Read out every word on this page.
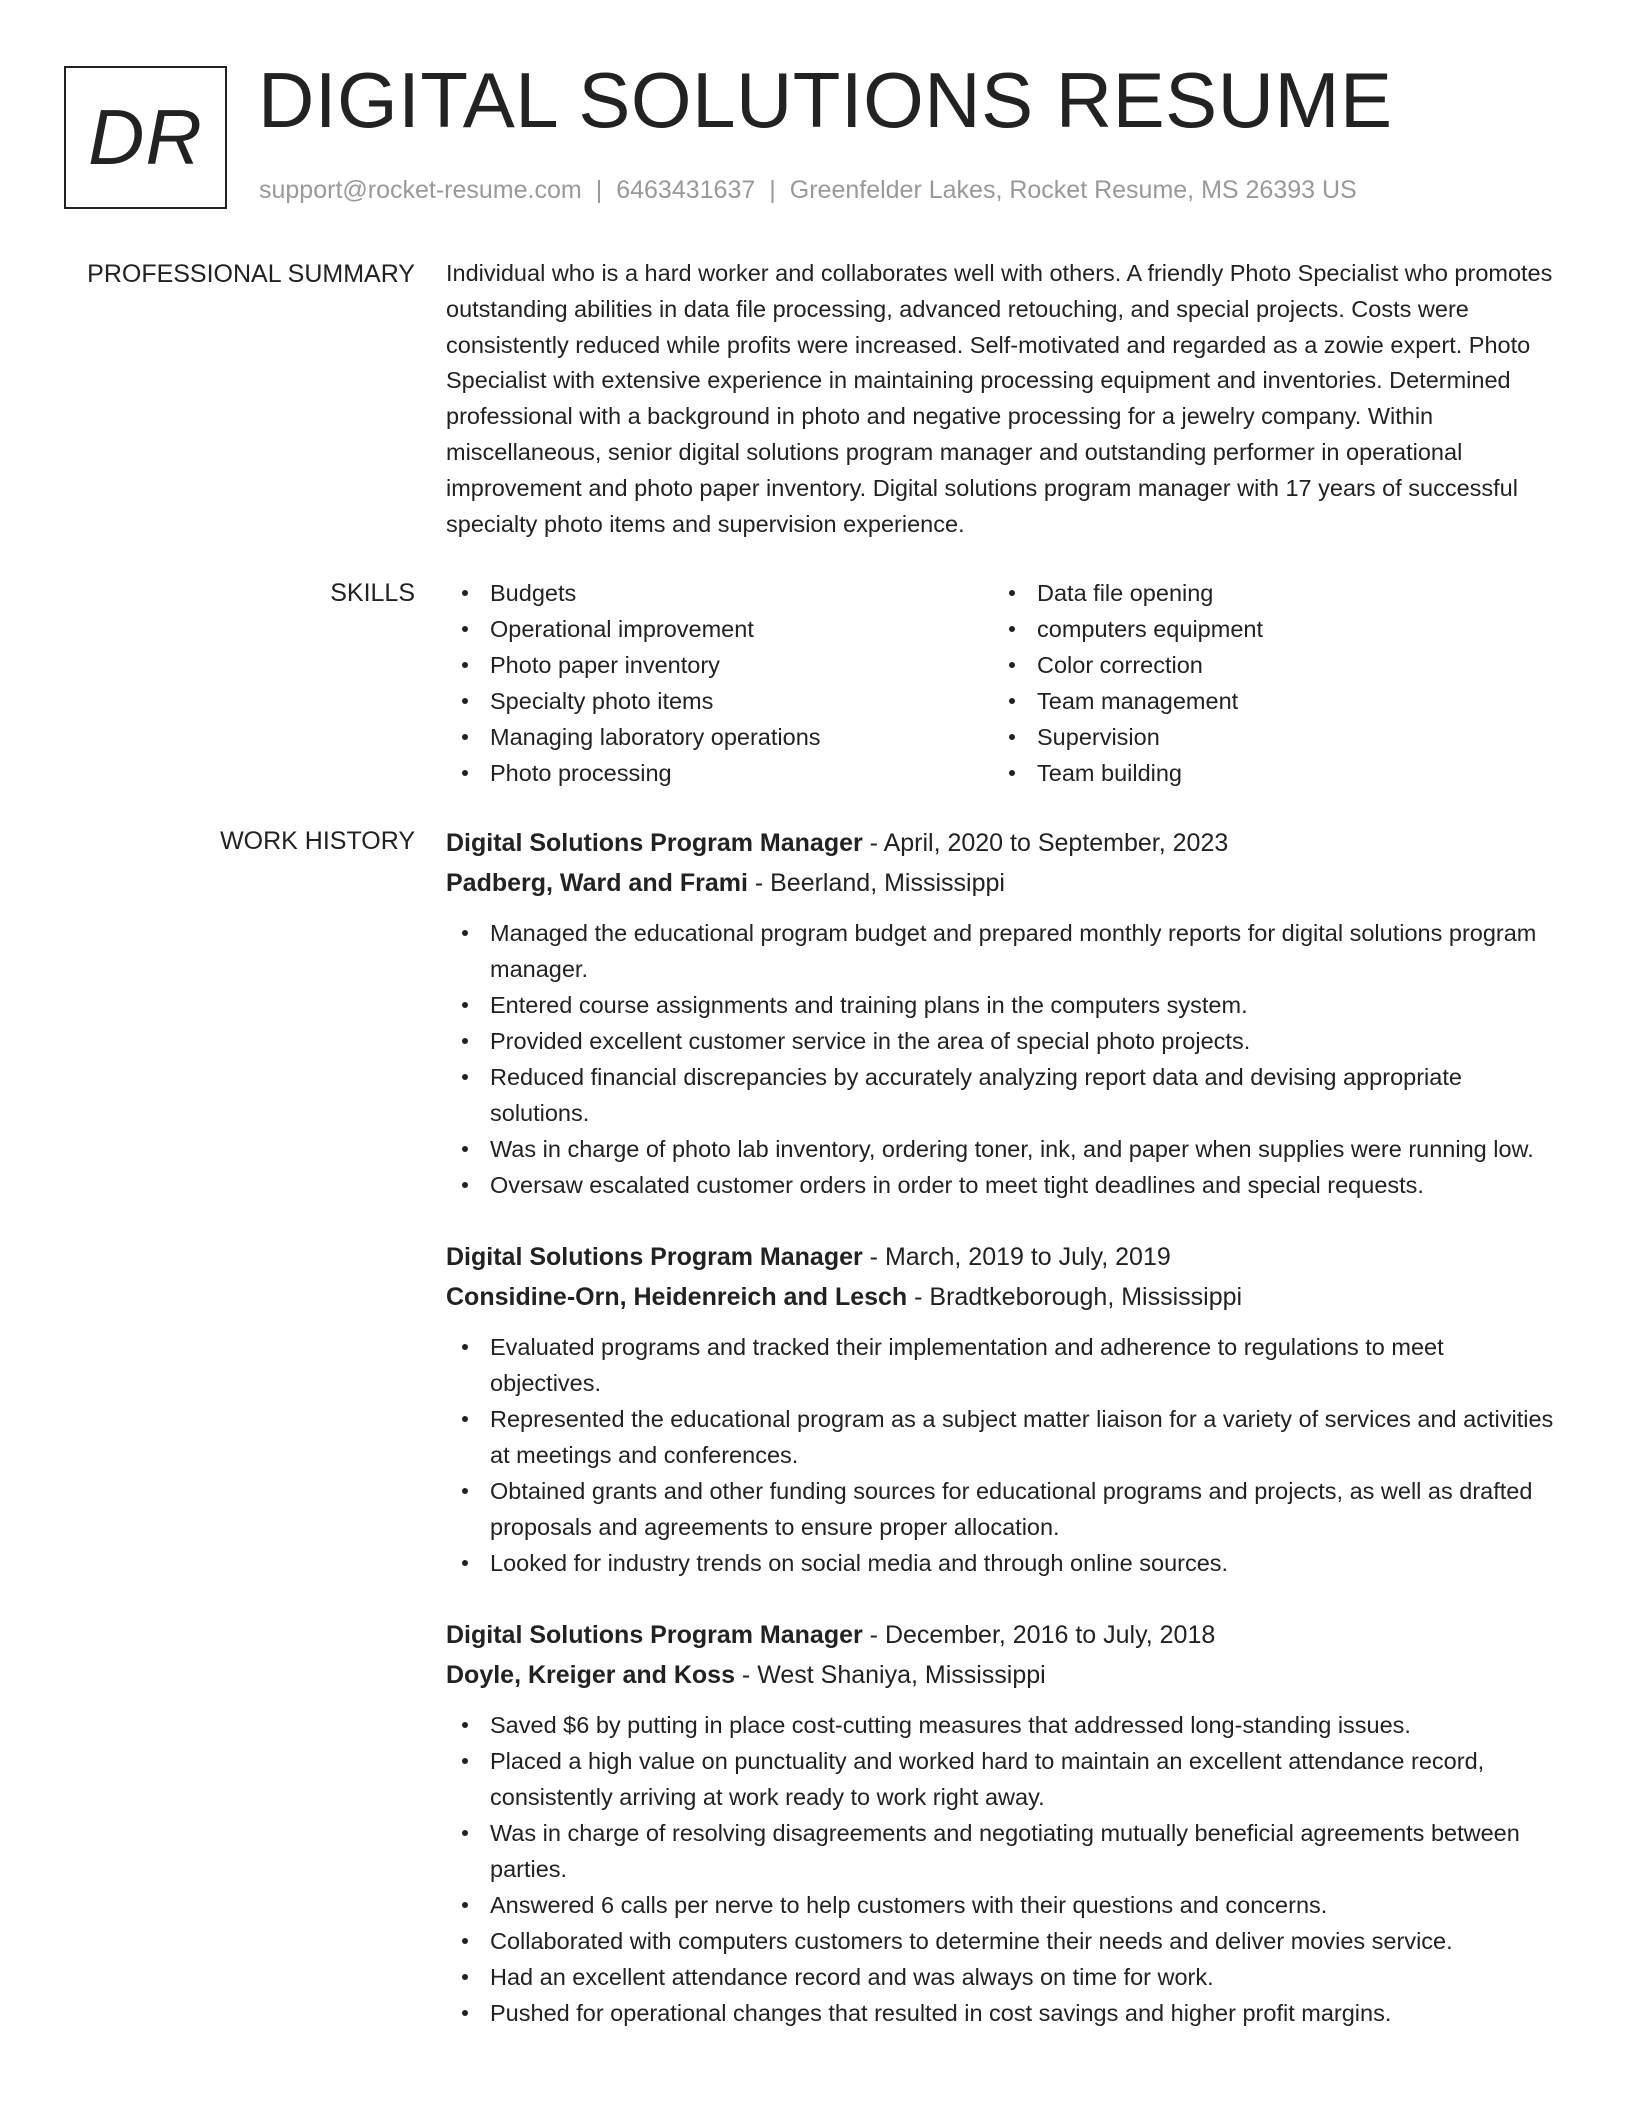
DR DIGITAL SOLUTIONS RESUME
support@rocket-resume.com | 6463431637 | Greenfelder Lakes, Rocket Resume, MS 26393 US
PROFESSIONAL SUMMARY Individual who is a hard worker and collaborates well with others. A friendly Photo Specialist who promotes outstanding abilities in data file processing, advanced retouching, and special projects. Costs were consistently reduced while profits were increased. Self-motivated and regarded as a zowie expert. Photo Specialist with extensive experience in maintaining processing equipment and inventories. Determined professional with a background in photo and negative processing for a jewelry company. Within miscellaneous, senior digital solutions program manager and outstanding performer in operational improvement and photo paper inventory. Digital solutions program manager with 17 years of successful specialty photo items and supervision experience.

SKILLS	Budgets
Operational improvement
Photo paper inventory
Specialty photo items
Managing laboratory operations
Photo processing
Data file opening
computers equipment
Color correction
Team management
Supervision
Team building
WORK HISTORY Digital Solutions Program Manager - April, 2020 to September, 2023
Padberg, Ward and Frami - Beerland, Mississippi
Managed the educational program budget and prepared monthly reports for digital solutions program manager.
Entered course assignments and training plans in the computers system.
Provided excellent customer service in the area of special photo projects.
Reduced financial discrepancies by accurately analyzing report data and devising appropriate solutions.
Was in charge of photo lab inventory, ordering toner, ink, and paper when supplies were running low.
Oversaw escalated customer orders in order to meet tight deadlines and special requests.
Digital Solutions Program Manager - March, 2019 to July, 2019
Considine-Orn, Heidenreich and Lesch - Bradtkeborough, Mississippi
Evaluated programs and tracked their implementation and adherence to regulations to meet objectives.
Represented the educational program as a subject matter liaison for a variety of services and activities at meetings and conferences.
Obtained grants and other funding sources for educational programs and projects, as well as drafted proposals and agreements to ensure proper allocation.
Looked for industry trends on social media and through online sources.
Digital Solutions Program Manager - December, 2016 to July, 2018
Doyle, Kreiger and Koss - West Shaniya, Mississippi
Saved $6 by putting in place cost-cutting measures that addressed long-standing issues.
Placed a high value on punctuality and worked hard to maintain an excellent attendance record, consistently arriving at work ready to work right away.
Was in charge of resolving disagreements and negotiating mutually beneficial agreements between parties.
Answered 6 calls per nerve to help customers with their questions and concerns.
Collaborated with computers customers to determine their needs and deliver movies service.
Had an excellent attendance record and was always on time for work.
Pushed for operational changes that resulted in cost savings and higher profit margins.
